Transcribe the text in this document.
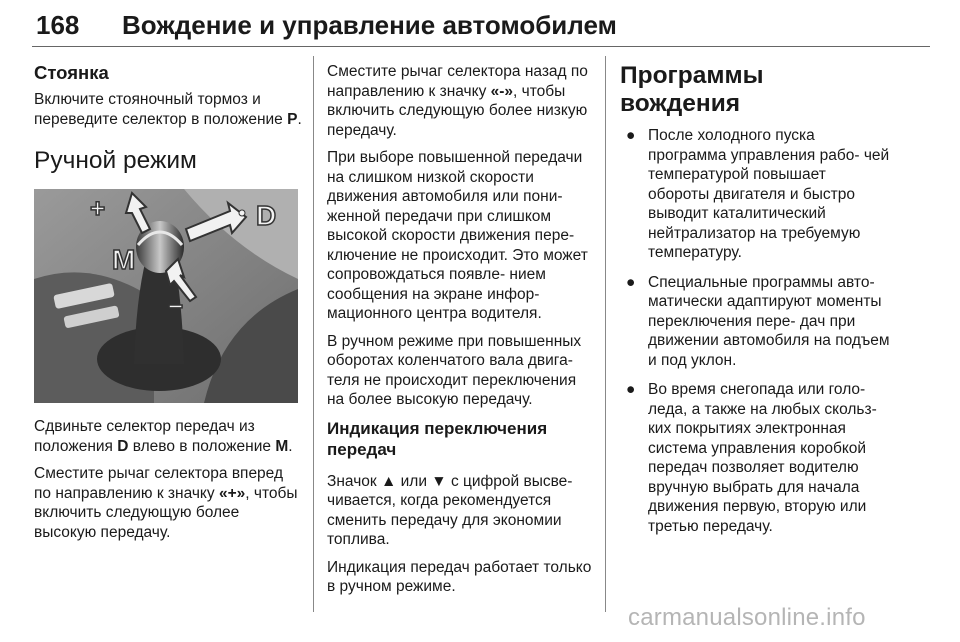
168 Вождение и управление автомобилем
Стоянка

Включите стояночный тормоз и переведите селектор в положение P.

Ручной режим
+
−
M
D

Сдвиньте селектор передач из положения D влево в положение M.

Сместите рычаг селектора вперед по направлению к значку «+», чтобы включить следующую более высокую передачу.

Сместите рычаг селектора назад по направлению к значку «-», чтобы включить следующую более низкую передачу.

При выборе повышенной передачи на слишком низкой скорости движения автомобиля или пони- женной передачи при слишком высокой скорости движения пере- ключение не происходит. Это может сопровождаться появле- нием сообщения на экране инфор- мационного центра водителя.

В ручном режиме при повышенных оборотах коленчатого вала двига- теля не происходит переключения на более высокую передачу.

Индикация переключения передач

Значок ▲ или ▼ с цифрой высве- чивается, когда рекомендуется сменить передачу для экономии топлива.

Индикация передач работает только в ручном режиме.

Программы вождения
● После холодного пуска программа управления рабо- чей температурой повышает обороты двигателя и быстро выводит каталитический нейтрализатор на требуемую температуру.
● Специальные программы авто- матически адаптируют моменты переключения пере- дач при движении автомобиля на подъем и под уклон.
● Во время снегопада или голо- леда, а также на любых скольз- ких покрытиях электронная система управления коробкой передач позволяет водителю вручную выбрать для начала движения первую, вторую или третью передачу.
carmanualsonline.info
